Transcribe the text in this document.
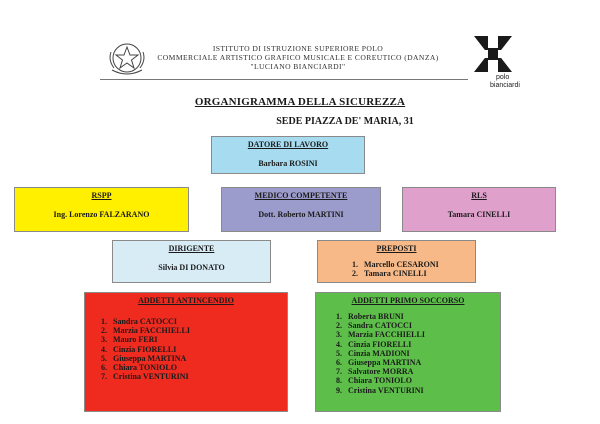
ISTITUTO DI ISTRUZIONE SUPERIORE POLO
COMMERCIALE ARTISTICO GRAFICO MUSICALE E COREUTICO (DANZA)
"LUCIANO BIANCIARDI"
polo
bianciardi
ORGANIGRAMMA DELLA SICUREZZA
SEDE PIAZZA DE' MARIA, 31
DATORE DI LAVORO
Barbara ROSINI
RSPP
Ing. Lorenzo FALZARANO
MEDICO COMPETENTE
Dott. Roberto MARTINI
RLS
Tamara CINELLI
DIRIGENTE
Silvia DI DONATO
PREPOSTI
1. Marcello CESARONI
2. Tamara CINELLI
ADDETTI ANTINCENDIO
1. Sandra CATOCCI
2. Marzia FACCHIELLI
3. Mauro FERI
4. Cinzia FIORELLI
5. Giuseppa MARTINA
6. Chiara TONIOLO
7. Cristina VENTURINI
ADDETTI PRIMO SOCCORSO
1. Roberta BRUNI
2. Sandra CATOCCI
3. Marzia FACCHIELLI
4. Cinzia FIORELLI
5. Cinzia MADIONI
6. Giuseppa MARTINA
7. Salvatore MORRA
8. Chiara TONIOLO
9. Cristina VENTURINI
